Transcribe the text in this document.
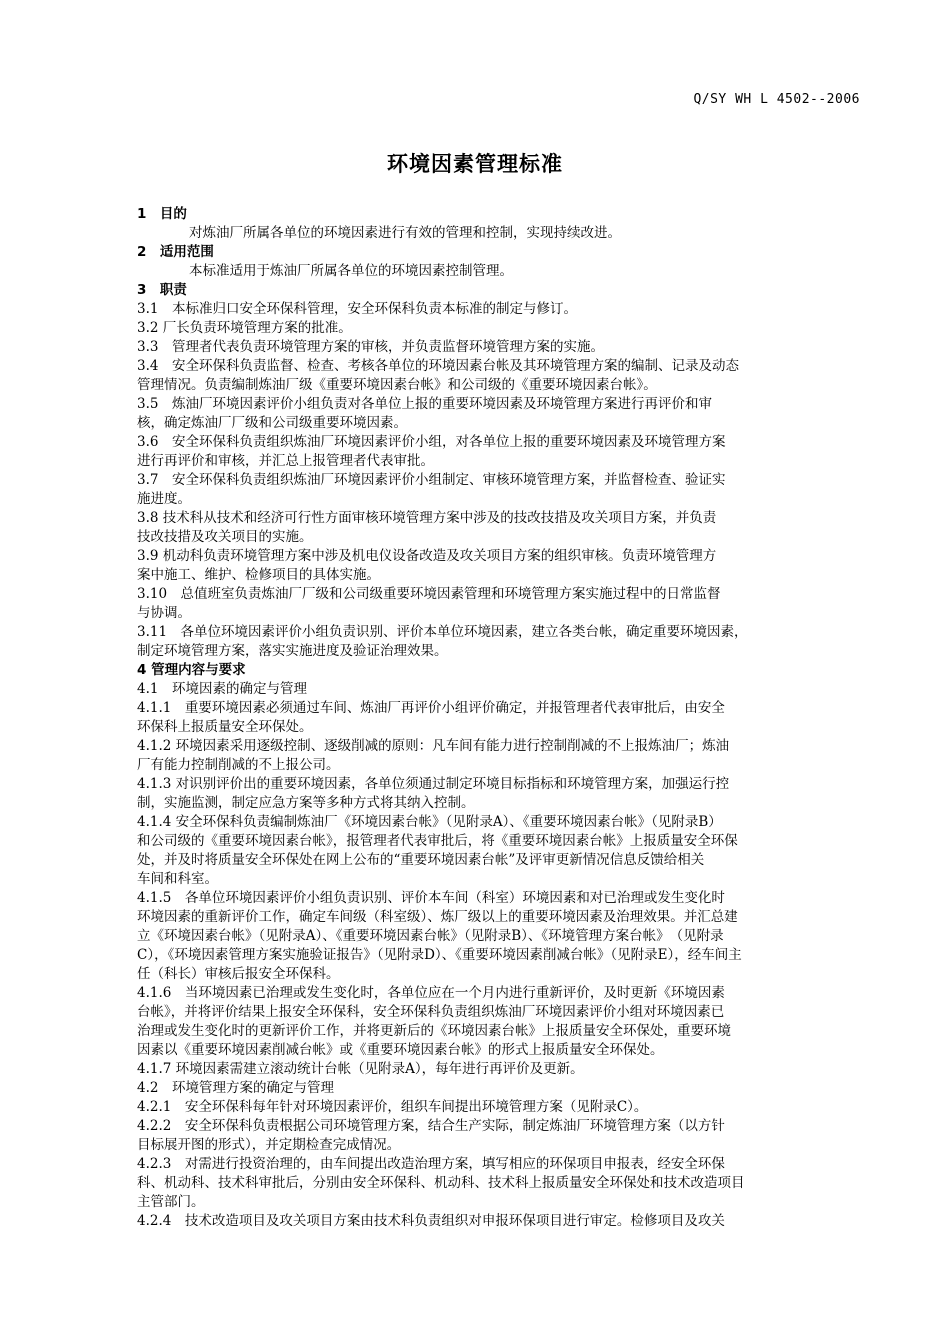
Q/SY WH L 4502--2006
环境因素管理标准
1　目的
对炼油厂所属各单位的环境因素进行有效的管理和控制，实现持续改进。
2　适用范围
本标准适用于炼油厂所属各单位的环境因素控制管理。
3　职责
3.1　本标准归口安全环保科管理，安全环保科负责本标准的制定与修订。
3.2 厂长负责环境管理方案的批准。
3.3　管理者代表负责环境管理方案的审核，并负责监督环境管理方案的实施。
3.4　安全环保科负责监督、检查、考核各单位的环境因素台帐及其环境管理方案的编制、记录及动态
管理情况。负责编制炼油厂级《重要环境因素台帐》和公司级的《重要环境因素台帐》。
3.5　炼油厂环境因素评价小组负责对各单位上报的重要环境因素及环境管理方案进行再评价和审
核，确定炼油厂厂级和公司级重要环境因素。
3.6　安全环保科负责组织炼油厂环境因素评价小组，对各单位上报的重要环境因素及环境管理方案
进行再评价和审核，并汇总上报管理者代表审批。
3.7　安全环保科负责组织炼油厂环境因素评价小组制定、审核环境管理方案，并监督检查、验证实
施进度。
3.8 技术科从技术和经济可行性方面审核环境管理方案中涉及的技改技措及攻关项目方案，并负责
技改技措及攻关项目的实施。
3.9 机动科负责环境管理方案中涉及机电仪设备改造及攻关项目方案的组织审核。负责环境管理方
案中施工、维护、检修项目的具体实施。
3.10　总值班室负责炼油厂厂级和公司级重要环境因素管理和环境管理方案实施过程中的日常监督
与协调。
3.11　各单位环境因素评价小组负责识别、评价本单位环境因素，建立各类台帐，确定重要环境因素，
制定环境管理方案，落实实施进度及验证治理效果。
4 管理内容与要求
4.1　环境因素的确定与管理
4.1.1　重要环境因素必须通过车间、炼油厂再评价小组评价确定，并报管理者代表审批后，由安全
环保科上报质量安全环保处。
4.1.2 环境因素采用逐级控制、逐级削减的原则：凡车间有能力进行控制削减的不上报炼油厂；炼油
厂有能力控制削减的不上报公司。
4.1.3 对识别评价出的重要环境因素，各单位须通过制定环境目标指标和环境管理方案，加强运行控
制，实施监测，制定应急方案等多种方式将其纳入控制。
4.1.4 安全环保科负责编制炼油厂《环境因素台帐》（见附录A）、《重要环境因素台帐》（见附录B）
和公司级的《重要环境因素台帐》，报管理者代表审批后，将《重要环境因素台帐》上报质量安全环保
处，并及时将质量安全环保处在网上公布的“重要环境因素台帐”及评审更新情况信息反馈给相关
车间和科室。
4.1.5　各单位环境因素评价小组负责识别、评价本车间（科室）环境因素和对已治理或发生变化时
环境因素的重新评价工作，确定车间级（科室级）、炼厂级以上的重要环境因素及治理效果。并汇总建
立《环境因素台帐》（见附录A）、《重要环境因素台帐》（见附录B）、《环境管理方案台帐》　（见附录
C），《环境因素管理方案实施验证报告》（见附录D）、《重要环境因素削减台帐》（见附录E），经车间主
任（科长）审核后报安全环保科。
4.1.6　当环境因素已治理或发生变化时，各单位应在一个月内进行重新评价，及时更新《环境因素
台帐》，并将评价结果上报安全环保科，安全环保科负责组织炼油厂环境因素评价小组对环境因素已
治理或发生变化时的更新评价工作，并将更新后的《环境因素台帐》上报质量安全环保处，重要环境
因素以《重要环境因素削减台帐》或《重要环境因素台帐》的形式上报质量安全环保处。
4.1.7 环境因素需建立滚动统计台帐（见附录A），每年进行再评价及更新。
4.2　环境管理方案的确定与管理
4.2.1　安全环保科每年针对环境因素评价，组织车间提出环境管理方案（见附录C）。
4.2.2　安全环保科负责根据公司环境管理方案，结合生产实际，制定炼油厂环境管理方案（以方针
目标展开图的形式），并定期检查完成情况。
4.2.3　对需进行投资治理的，由车间提出改造治理方案，填写相应的环保项目申报表，经安全环保
科、机动科、技术科审批后，分别由安全环保科、机动科、技术科上报质量安全环保处和技术改造项目
主管部门。
4.2.4　技术改造项目及攻关项目方案由技术科负责组织对申报环保项目进行审定。检修项目及攻关
